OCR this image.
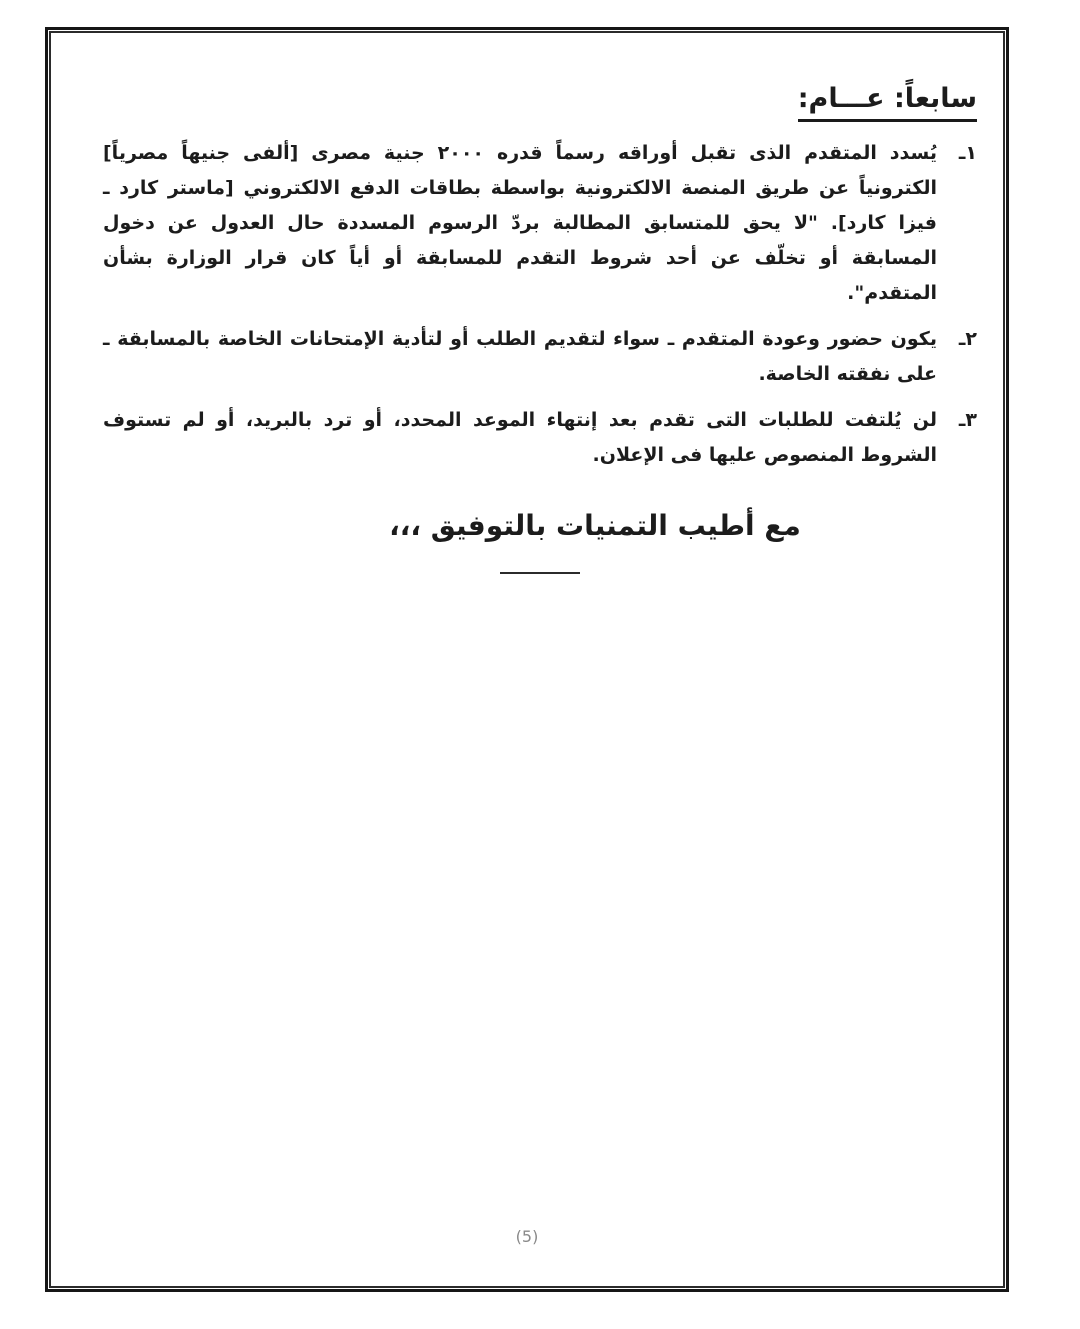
سابعاً: عـــام:
١ـ
يُسدد المتقدم الذى تقبل أوراقه رسماً قدره ٢٠٠٠ جنية مصرى [ألفى جنيهاً مصرياً] الكترونياً عن طريق المنصة الالكترونية بواسطة بطاقات الدفع الالكتروني [ماستر كارد ـ فيزا كارد]. "لا يحق للمتسابق المطالبة بردّ الرسوم المسددة حال العدول عن دخول المسابقة أو تخلّف عن أحد شروط التقدم للمسابقة أو أياً كان قرار الوزارة بشأن المتقدم".
٢ـ
يكون حضور وعودة المتقدم ـ سواء لتقديم الطلب أو لتأدية الإمتحانات الخاصة بالمسابقة ـ على نفقته الخاصة.
٣ـ
لن يُلتفت للطلبات التى تقدم بعد إنتهاء الموعد المحدد، أو ترد بالبريد، أو لم تستوف الشروط المنصوص عليها فى الإعلان.
مع أطيب التمنيات بالتوفيق ،،،
(5)
